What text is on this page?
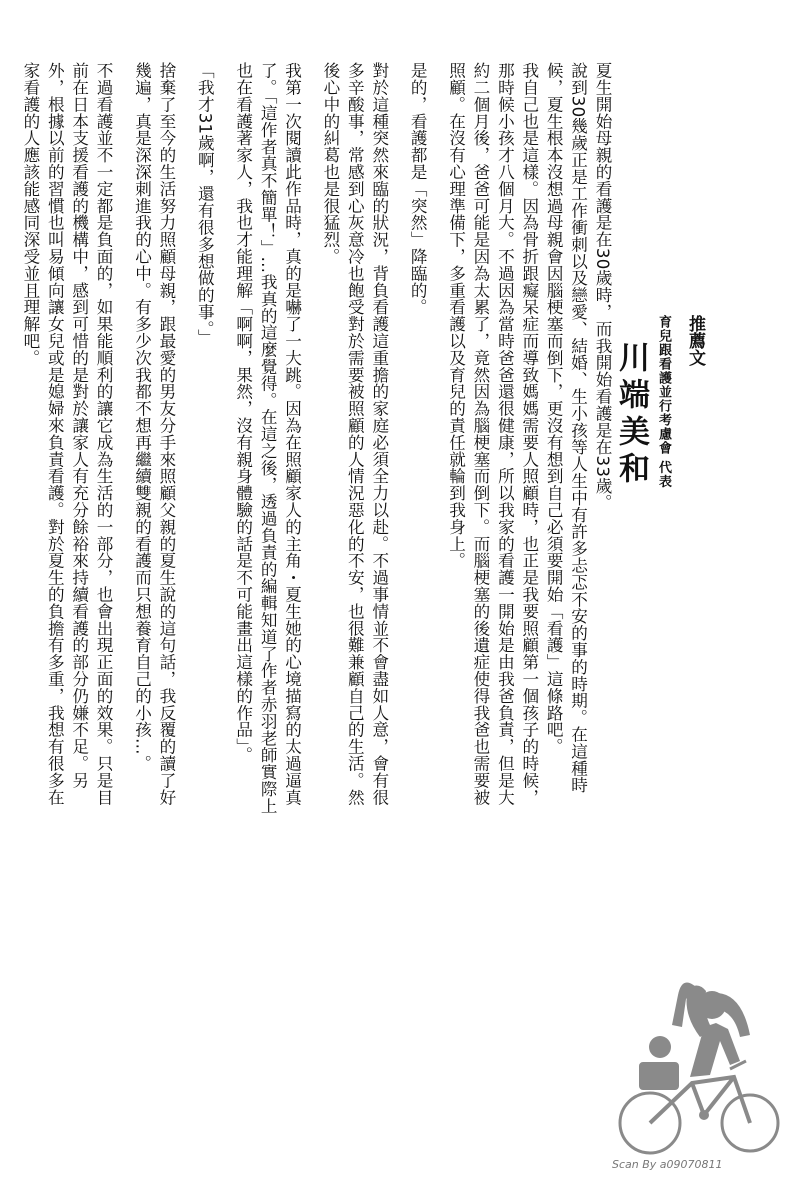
推薦文
育兒跟看護並行考慮會 代表
川端美和

夏生開始母親的看護是在30歲時，而我開始看護是在33歲。

說到30幾歲正是工作衝刺以及戀愛、結婚、生小孩等人生中有許多忐忑不安的事的時期。在這種時候，夏生根本沒想過母親會因腦梗塞而倒下，更沒有想到自己必須要開始「看護」這條路吧。

我自己也是這樣。因為骨折跟癡呆症而導致媽媽需要人照顧時，也正是我要照顧第一個孩子的時候，那時候小孩才八個月大。不過因為當時爸爸還很健康，所以我家的看護一開始是由我爸負責，但是大約二個月後，爸爸可能是因為太累了，竟然因為腦梗塞而倒下。而腦梗塞的後遺症使得我爸也需要被照顧。在沒有心理準備下，多重看護以及育兒的責任就輪到我身上。

是的，看護都是「突然」降臨的。

對於這種突然來臨的狀況，背負看護這重擔的家庭必須全力以赴。不過事情並不會盡如人意，會有很多辛酸事，常感到心灰意冷也飽受對於需要被照顧的人情況惡化的不安，也很難兼顧自己的生活。然後心中的糾葛也是很猛烈。

我第一次閱讀此作品時，真的是嚇了一大跳。因為在照顧家人的主角・夏生她的心境描寫的太過逼真了。「這作者真不簡單！」…我真的這麼覺得。在這之後，透過負責的編輯知道了作者赤羽老師實際上也在看護著家人，我也才能理解「啊啊，果然，沒有親身體驗的話是不可能畫出這樣的作品」。

「我才31歲啊，還有很多想做的事。」

捨棄了至今的生活努力照顧母親，跟最愛的男友分手來照顧父親的夏生說的這句話，我反覆的讀了好幾遍，真是深深刺進我的心中。有多少次我都不想再繼續雙親的看護而只想養育自己的小孩…。

不過看護並不一定都是負面的，如果能順利的讓它成為生活的一部分，也會出現正面的效果。只是目前在日本支援看護的機構中，感到可惜的是對於讓家人有充分餘裕來持續看護的部分仍嫌不足。另外，根據以前的習慣也叫易傾向讓女兒或是媳婦來負責看護。對於夏生的負擔有多重，我想有很多在家看護的人應該能感同深受並且理解吧。

Scan By a09070811
